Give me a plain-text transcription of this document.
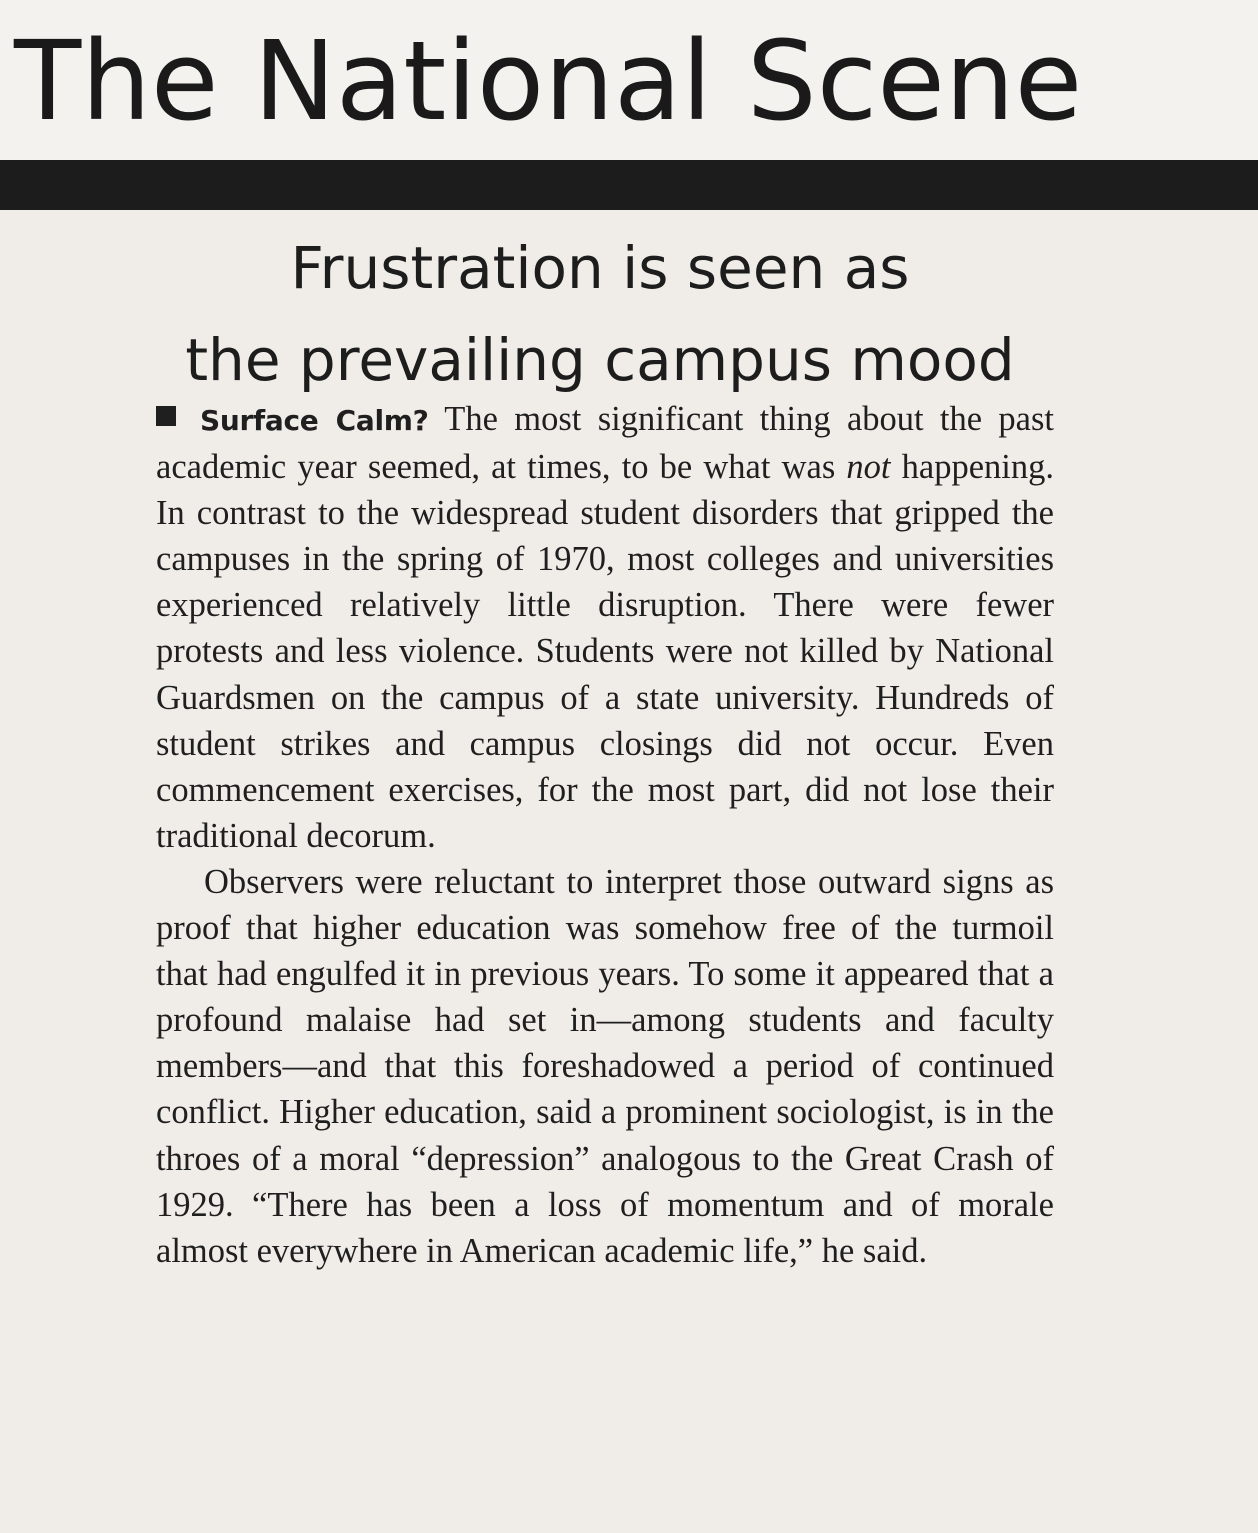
The National Scene
Frustration is seen as
the prevailing campus mood

Surface Calm? The most significant thing about the past academic year seemed, at times, to be what was not happening. In contrast to the widespread student disorders that gripped the campuses in the spring of 1970, most colleges and universities experienced relatively little disruption. There were fewer protests and less violence. Students were not killed by National Guardsmen on the campus of a state university. Hundreds of student strikes and campus closings did not occur. Even commencement exercises, for the most part, did not lose their traditional decorum.

Observers were reluctant to interpret those outward signs as proof that higher education was somehow free of the turmoil that had engulfed it in previous years. To some it appeared that a profound malaise had set in—among students and faculty members—and that this foreshadowed a period of continued conflict. Higher education, said a prominent sociologist, is in the throes of a moral “depression” analogous to the Great Crash of 1929. “There has been a loss of momentum and of morale almost everywhere in American academic life,” he said.
